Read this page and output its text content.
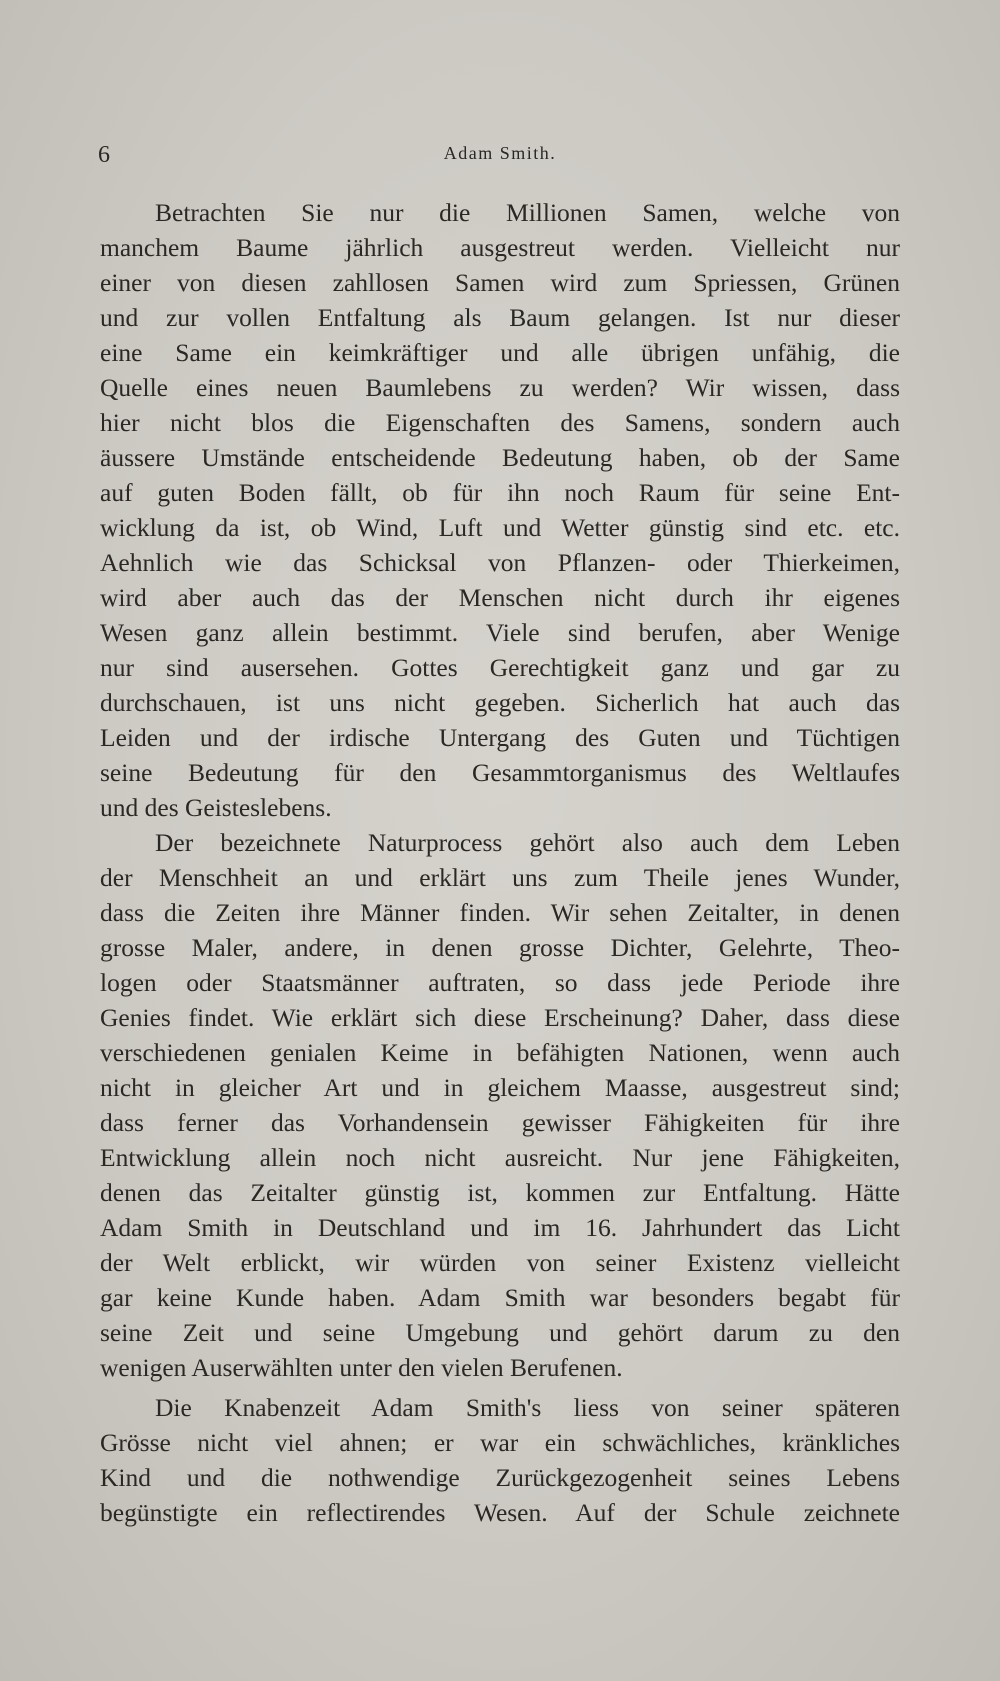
6	Adam Smith.
Betrachten Sie nur die Millionen Samen, welche von
manchem Baume jährlich ausgestreut werden. Vielleicht nur
einer von diesen zahllosen Samen wird zum Spriessen, Grünen
und zur vollen Entfaltung als Baum gelangen. Ist nur dieser
eine Same ein keimkräftiger und alle übrigen unfähig, die
Quelle eines neuen Baumlebens zu werden? Wir wissen, dass
hier nicht blos die Eigenschaften des Samens, sondern auch
äussere Umstände entscheidende Bedeutung haben, ob der Same
auf guten Boden fällt, ob für ihn noch Raum für seine Ent-
wicklung da ist, ob Wind, Luft und Wetter günstig sind etc. etc.
Aehnlich wie das Schicksal von Pflanzen- oder Thierkeimen,
wird aber auch das der Menschen nicht durch ihr eigenes
Wesen ganz allein bestimmt. Viele sind berufen, aber Wenige
nur sind ausersehen. Gottes Gerechtigkeit ganz und gar zu
durchschauen, ist uns nicht gegeben. Sicherlich hat auch das
Leiden und der irdische Untergang des Guten und Tüchtigen
seine Bedeutung für den Gesammtorganismus des Weltlaufes
und des Geisteslebens.
Der bezeichnete Naturprocess gehört also auch dem Leben
der Menschheit an und erklärt uns zum Theile jenes Wunder,
dass die Zeiten ihre Männer finden. Wir sehen Zeitalter, in denen
grosse Maler, andere, in denen grosse Dichter, Gelehrte, Theo-
logen oder Staatsmänner auftraten, so dass jede Periode ihre
Genies findet. Wie erklärt sich diese Erscheinung? Daher, dass diese
verschiedenen genialen Keime in befähigten Nationen, wenn auch
nicht in gleicher Art und in gleichem Maasse, ausgestreut sind;
dass ferner das Vorhandensein gewisser Fähigkeiten für ihre
Entwicklung allein noch nicht ausreicht. Nur jene Fähigkeiten,
denen das Zeitalter günstig ist, kommen zur Entfaltung. Hätte
Adam Smith in Deutschland und im 16. Jahrhundert das Licht
der Welt erblickt, wir würden von seiner Existenz vielleicht
gar keine Kunde haben. Adam Smith war besonders begabt für
seine Zeit und seine Umgebung und gehört darum zu den
wenigen Auserwählten unter den vielen Berufenen.
Die Knabenzeit Adam Smith's liess von seiner späteren
Grösse nicht viel ahnen; er war ein schwächliches, kränkliches
Kind und die nothwendige Zurückgezogenheit seines Lebens
begünstigte ein reflectirendes Wesen. Auf der Schule zeichnete
